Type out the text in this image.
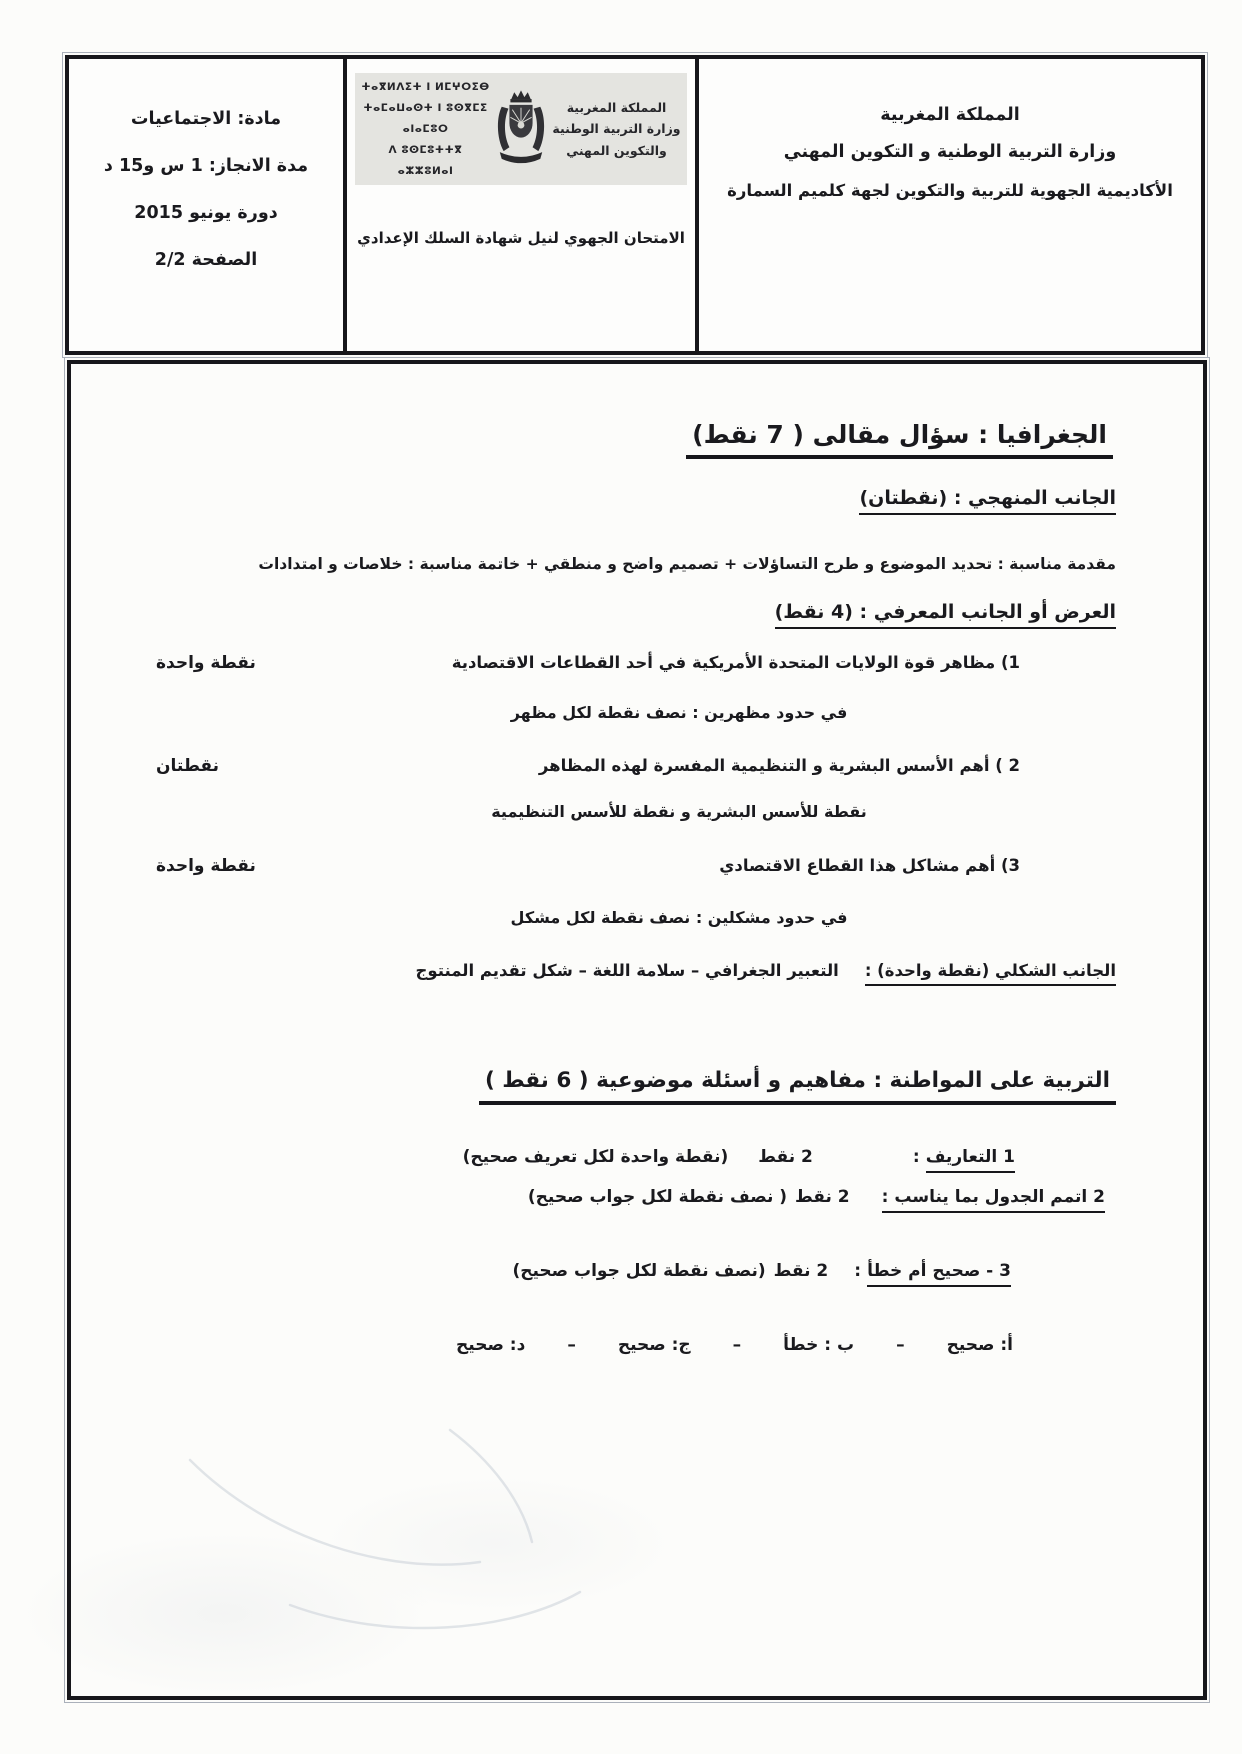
المملكة المغربية
وزارة التربية الوطنية و التكوين المهني
الأكاديمية الجهوية للتربية والتكوين لجهة كلميم السمارة
المملكة المغربية
وزارة التربية الوطنية
والتكوين المهني
ⵜⴰⴳⵍⴷⵉⵜ ⵏ ⵍⵎⵖⵔⵉⴱ
ⵜⴰⵎⴰⵡⴰⵙⵜ ⵏ ⵓⵙⴳⵎⵉ ⴰⵏⴰⵎⵓⵔ
ⴷ ⵓⵙⵎⵓⵜⵜⴳ ⴰⵣⵣⵓⵍⴰⵏ
الامتحان الجهوي لنيل شهادة السلك الإعدادي
مادة: الاجتماعيات
مدة الانجاز: 1 س و15 د
دورة يونيو 2015
الصفحة 2/2
الجغرافيا : سؤال مقالى ( 7 نقط)
الجانب المنهجي : (نقطتان)
مقدمة مناسبة : تحديد الموضوع و طرح التساؤلات + تصميم واضح و منطقي + خاتمة مناسبة : خلاصات و امتدادات
العرض أو الجانب المعرفي : (4 نقط)
1) مظاهر قوة الولايات المتحدة الأمريكية في أحد القطاعات الاقتصادية
نقطة واحدة
في حدود مظهرين : نصف نقطة لكل مظهر
2 ) أهم الأسس البشرية و التنظيمية المفسرة لهذه المظاهر
نقطتان
نقطة للأسس البشرية و نقطة للأسس التنظيمية
3) أهم مشاكل هذا القطاع الاقتصادي
نقطة واحدة
في حدود مشكلين : نصف نقطة لكل مشكل
الجانب الشكلي (نقطة واحدة) :
التعبير الجغرافي – سلامة اللغة – شكل تقديم المنتوج
التربية على المواطنة : مفاهيم و أسئلة موضوعية ( 6 نقط )
1 التعاريف
:
2 نقط
(نقطة واحدة لكل تعريف صحيح)
2 اتمم الجدول بما يناسب :
2 نقط
( نصف نقطة لكل جواب صحيح)
3 - صحيح أم خطأ
:
2 نقط
(نصف نقطة لكل جواب صحيح)
أ: صحيح
–
ب : خطأ
–
ج: صحيح
–
د: صحيح
